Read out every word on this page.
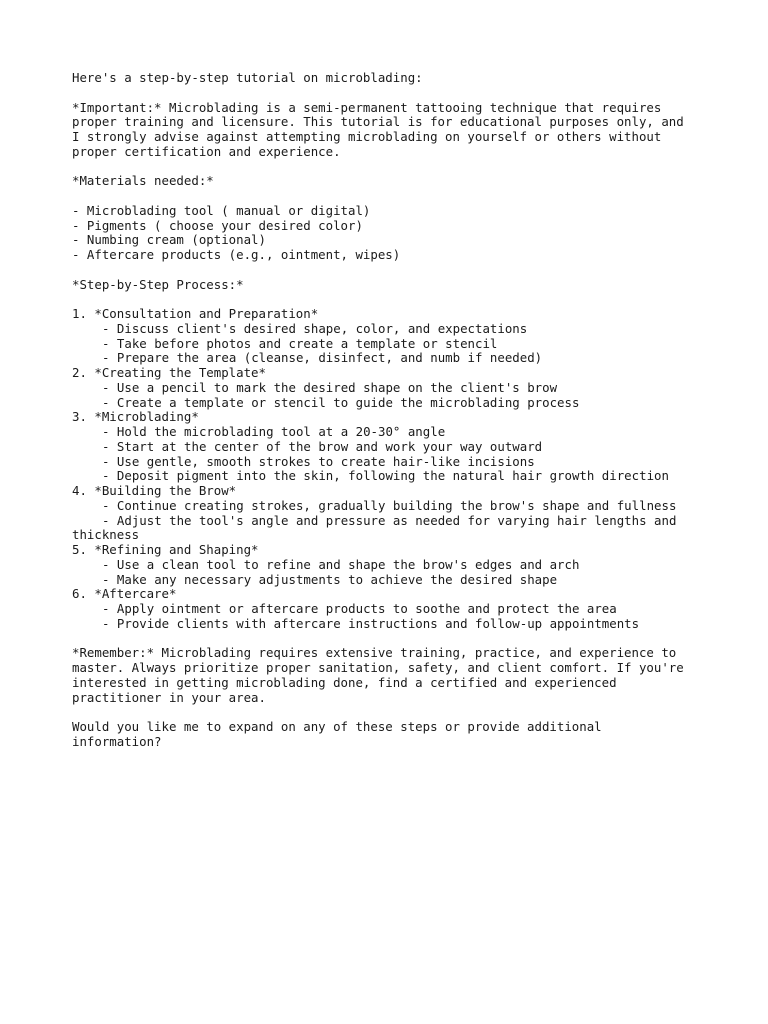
Here's a step-by-step tutorial on microblading:
*Important:* Microblading is a semi-permanent tattooing technique that requires
proper training and licensure. This tutorial is for educational purposes only, and
I strongly advise against attempting microblading on yourself or others without
proper certification and experience.
*Materials needed:*
- Microblading tool ( manual or digital)
- Pigments ( choose your desired color)
- Numbing cream (optional)
- Aftercare products (e.g., ointment, wipes)
*Step-by-Step Process:*
1. *Consultation and Preparation*
- Discuss client's desired shape, color, and expectations
- Take before photos and create a template or stencil
- Prepare the area (cleanse, disinfect, and numb if needed)
2. *Creating the Template*
- Use a pencil to mark the desired shape on the client's brow
- Create a template or stencil to guide the microblading process
3. *Microblading*
- Hold the microblading tool at a 20-30° angle
- Start at the center of the brow and work your way outward
- Use gentle, smooth strokes to create hair-like incisions
- Deposit pigment into the skin, following the natural hair growth direction
4. *Building the Brow*
- Continue creating strokes, gradually building the brow's shape and fullness
- Adjust the tool's angle and pressure as needed for varying hair lengths and
thickness
5. *Refining and Shaping*
- Use a clean tool to refine and shape the brow's edges and arch
- Make any necessary adjustments to achieve the desired shape
6. *Aftercare*
- Apply ointment or aftercare products to soothe and protect the area
- Provide clients with aftercare instructions and follow-up appointments
*Remember:* Microblading requires extensive training, practice, and experience to
master. Always prioritize proper sanitation, safety, and client comfort. If you're
interested in getting microblading done, find a certified and experienced
practitioner in your area.
Would you like me to expand on any of these steps or provide additional
information?
